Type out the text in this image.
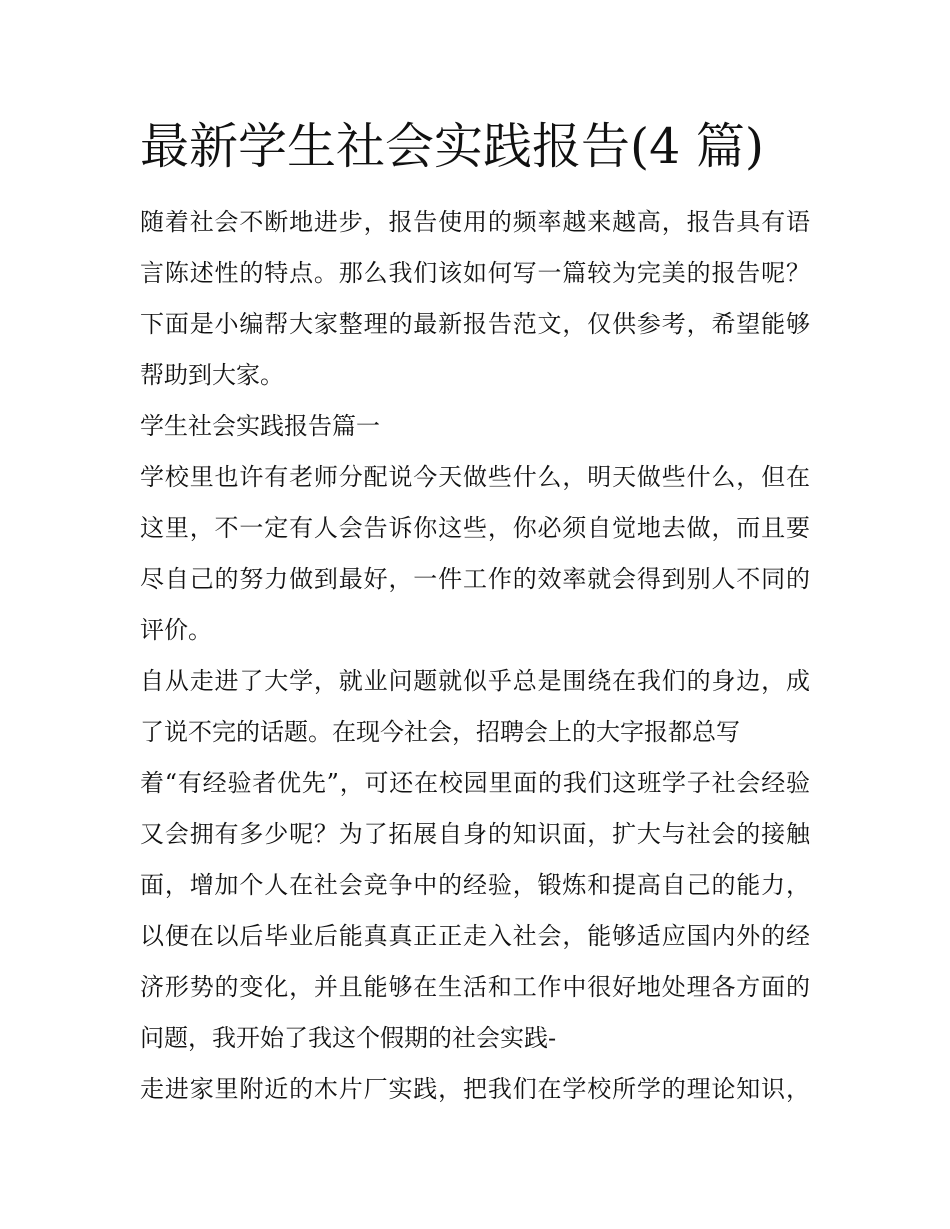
最新学生社会实践报告(4 篇)

随着社会不断地进步，报告使用的频率越来越高，报告具有语

言陈述性的特点。那么我们该如何写一篇较为完美的报告呢？

下面是小编帮大家整理的最新报告范文，仅供参考，希望能够

帮助到大家。

学生社会实践报告篇一

学校里也许有老师分配说今天做些什么，明天做些什么，但在

这里，不一定有人会告诉你这些，你必须自觉地去做，而且要

尽自己的努力做到最好，一件工作的效率就会得到别人不同的

评价。

自从走进了大学，就业问题就似乎总是围绕在我们的身边，成

了说不完的话题。在现今社会，招聘会上的大字报都总写

着“有经验者优先”，可还在校园里面的我们这班学子社会经验

又会拥有多少呢？为了拓展自身的知识面，扩大与社会的接触

面，增加个人在社会竞争中的经验，锻炼和提高自己的能力，

以便在以后毕业后能真真正正走入社会，能够适应国内外的经

济形势的变化，并且能够在生活和工作中很好地处理各方面的

问题，我开始了我这个假期的社会实践-

走进家里附近的木片厂实践，把我们在学校所学的理论知识，
